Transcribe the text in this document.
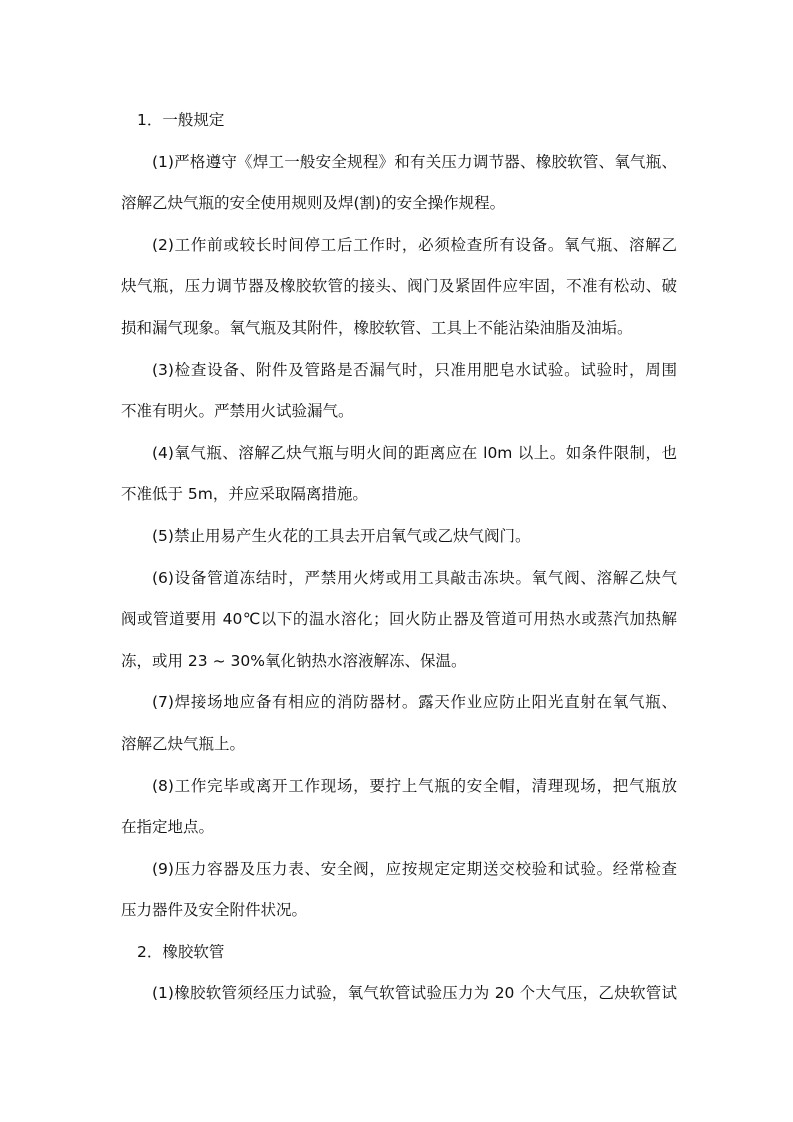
1．一般规定
(1)严格遵守《焊工一般安全规程》和有关压力调节器、橡胶软管、氧气瓶、
溶解乙炔气瓶的安全使用规则及焊(割)的安全操作规程。
(2)工作前或较长时间停工后工作时，必须检查所有设备。氧气瓶、溶解乙
炔气瓶，压力调节器及橡胶软管的接头、阀门及紧固件应牢固，不准有松动、破
损和漏气现象。氧气瓶及其附件，橡胶软管、工具上不能沾染油脂及油垢。
(3)检查设备、附件及管路是否漏气时，只准用肥皂水试验。试验时，周围
不准有明火。严禁用火试验漏气。
(4)氧气瓶、溶解乙炔气瓶与明火间的距离应在 l0m 以上。如条件限制，也
不准低于 5m，并应采取隔离措施。
(5)禁止用易产生火花的工具去开启氧气或乙炔气阀门。
(6)设备管道冻结时，严禁用火烤或用工具敲击冻块。氧气阀、溶解乙炔气
阀或管道要用 40℃以下的温水溶化；回火防止器及管道可用热水或蒸汽加热解
冻，或用 23 ~ 30%氧化钠热水溶液解冻、保温。
(7)焊接场地应备有相应的消防器材。露天作业应防止阳光直射在氧气瓶、
溶解乙炔气瓶上。
(8)工作完毕或离开工作现场，要拧上气瓶的安全帽，清理现场，把气瓶放
在指定地点。
(9)压力容器及压力表、安全阀，应按规定定期送交校验和试验。经常检查
压力器件及安全附件状况。
2．橡胶软管
(1)橡胶软管须经压力试验，氧气软管试验压力为 20 个大气压，乙炔软管试
